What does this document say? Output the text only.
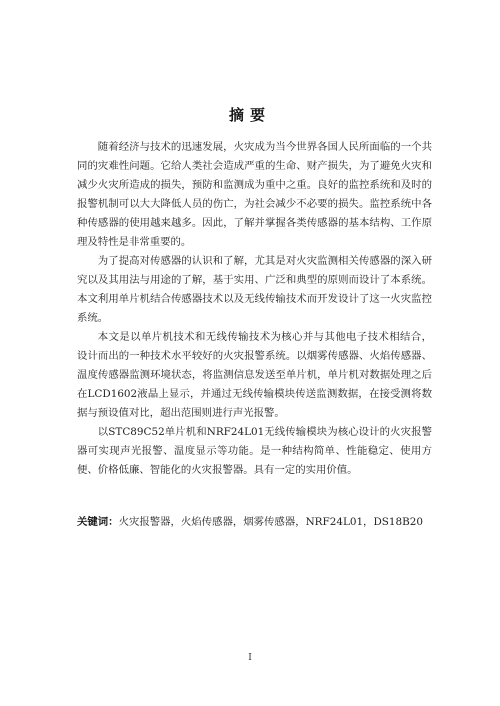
摘要

随着经济与技术的迅速发展，火灾成为当今世界各国人民所面临的一个共同的灾难性问题。它给人类社会造成严重的生命、财产损失，为了避免火灾和减少火灾所造成的损失，预防和监测成为重中之重。良好的监控系统和及时的报警机制可以大大降低人员的伤亡，为社会减少不必要的损失。监控系统中各种传感器的使用越来越多。因此，了解并掌握各类传感器的基本结构、工作原理及特性是非常重要的。

为了提高对传感器的认识和了解，尤其是对火灾监测相关传感器的深入研究以及其用法与用途的了解，基于实用、广泛和典型的原则而设计了本系统。本文利用单片机结合传感器技术以及无线传输技术而开发设计了这一火灾监控系统。

本文是以单片机技术和无线传输技术为核心并与其他电子技术相结合， 设计而出的一种技术水平较好的火灾报警系统。以烟雾传感器、火焰传感器、温度传感器监测环境状态，将监测信息发送至单片机，单片机对数据处理之后在LCD1602液晶上显示，并通过无线传输模块传送监测数据，在接受测将数据与预设值对比，超出范围则进行声光报警。

以STC89C52单片机和NRF24L01无线传输模块为核心设计的火灾报警器可实现声光报警、温度显示等功能。是一种结构简单、性能稳定、使用方便、价格低廉、智能化的火灾报警器。具有一定的实用价值。

关键词：火灾报警器，火焰传感器，烟雾传感器，NRF24L01，DS18B20
I
